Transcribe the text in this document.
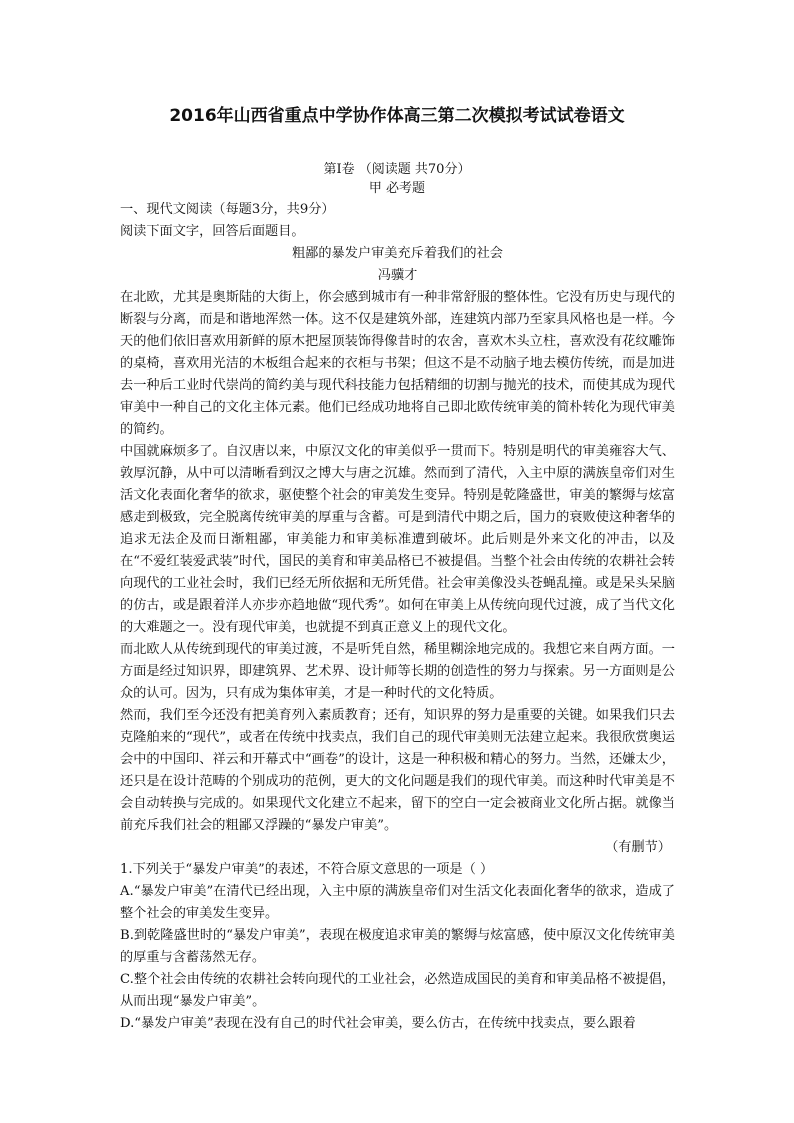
2016年山西省重点中学协作体高三第二次模拟考试试卷语文
第Ⅰ卷 （阅读题 共70分）
甲 必考题

一、现代文阅读（每题3分，共9分）

阅读下面文字，回答后面题目。

粗鄙的暴发户审美充斥着我们的社会

冯骥才

在北欧，尤其是奥斯陆的大街上，你会感到城市有一种非常舒服的整体性。它没有历史与现代的断裂与分离，而是和谐地浑然一体。这不仅是建筑外部，连建筑内部乃至家具风格也是一样。今天的他们依旧喜欢用新鲜的原木把屋顶装饰得像昔时的农舍，喜欢木头立柱，喜欢没有花纹雕饰的桌椅，喜欢用光洁的木板组合起来的衣柜与书架；但这不是不动脑子地去模仿传统，而是加进去一种后工业时代崇尚的简约美与现代科技能力包括精细的切割与抛光的技术，而使其成为现代审美中一种自己的文化主体元素。他们已经成功地将自己即北欧传统审美的简朴转化为现代审美的简约。

中国就麻烦多了。自汉唐以来，中原汉文化的审美似乎一贯而下。特别是明代的审美雍容大气、敦厚沉静，从中可以清晰看到汉之博大与唐之沉雄。然而到了清代，入主中原的满族皇帝们对生活文化表面化奢华的欲求，驱使整个社会的审美发生变异。特别是乾隆盛世，审美的繁缛与炫富感走到极致，完全脱离传统审美的厚重与含蓄。可是到清代中期之后，国力的衰败使这种奢华的追求无法企及而日渐粗鄙，审美能力和审美标准遭到破坏。此后则是外来文化的冲击，以及在“不爱红装爱武装”时代，国民的美育和审美品格已不被提倡。当整个社会由传统的农耕社会转向现代的工业社会时，我们已经无所依据和无所凭借。社会审美像没头苍蝇乱撞。或是呆头呆脑的仿古，或是跟着洋人亦步亦趋地做“现代秀”。如何在审美上从传统向现代过渡，成了当代文化的大难题之一。没有现代审美，也就提不到真正意义上的现代文化。

而北欧人从传统到现代的审美过渡，不是听凭自然，稀里糊涂地完成的。我想它来自两方面。一方面是经过知识界，即建筑界、艺术界、设计师等长期的创造性的努力与探索。另一方面则是公众的认可。因为，只有成为集体审美，才是一种时代的文化特质。

然而，我们至今还没有把美育列入素质教育；还有，知识界的努力是重要的关键。如果我们只去克隆舶来的“现代”，或者在传统中找卖点，我们自己的现代审美则无法建立起来。我很欣赏奥运会中的中国印、祥云和开幕式中“画卷”的设计，这是一种积极和精心的努力。当然，还嫌太少，还只是在设计范畴的个别成功的范例，更大的文化问题是我们的现代审美。而这种时代审美是不会自动转换与完成的。如果现代文化建立不起来，留下的空白一定会被商业文化所占据。就像当前充斥我们社会的粗鄙又浮躁的“暴发户审美”。

（有删节）

1.下列关于“暴发户审美”的表述，不符合原文意思的一项是（ ）

A.“暴发户审美”在清代已经出现，入主中原的满族皇帝们对生活文化表面化奢华的欲求，造成了整个社会的审美发生变异。

B.到乾隆盛世时的“暴发户审美”，表现在极度追求审美的繁缛与炫富感，使中原汉文化传统审美的厚重与含蓄荡然无存。

C.整个社会由传统的农耕社会转向现代的工业社会，必然造成国民的美育和审美品格不被提倡，从而出现“暴发户审美”。

D.“暴发户审美”表现在没有自己的时代社会审美，要么仿古，在传统中找卖点，要么跟着
